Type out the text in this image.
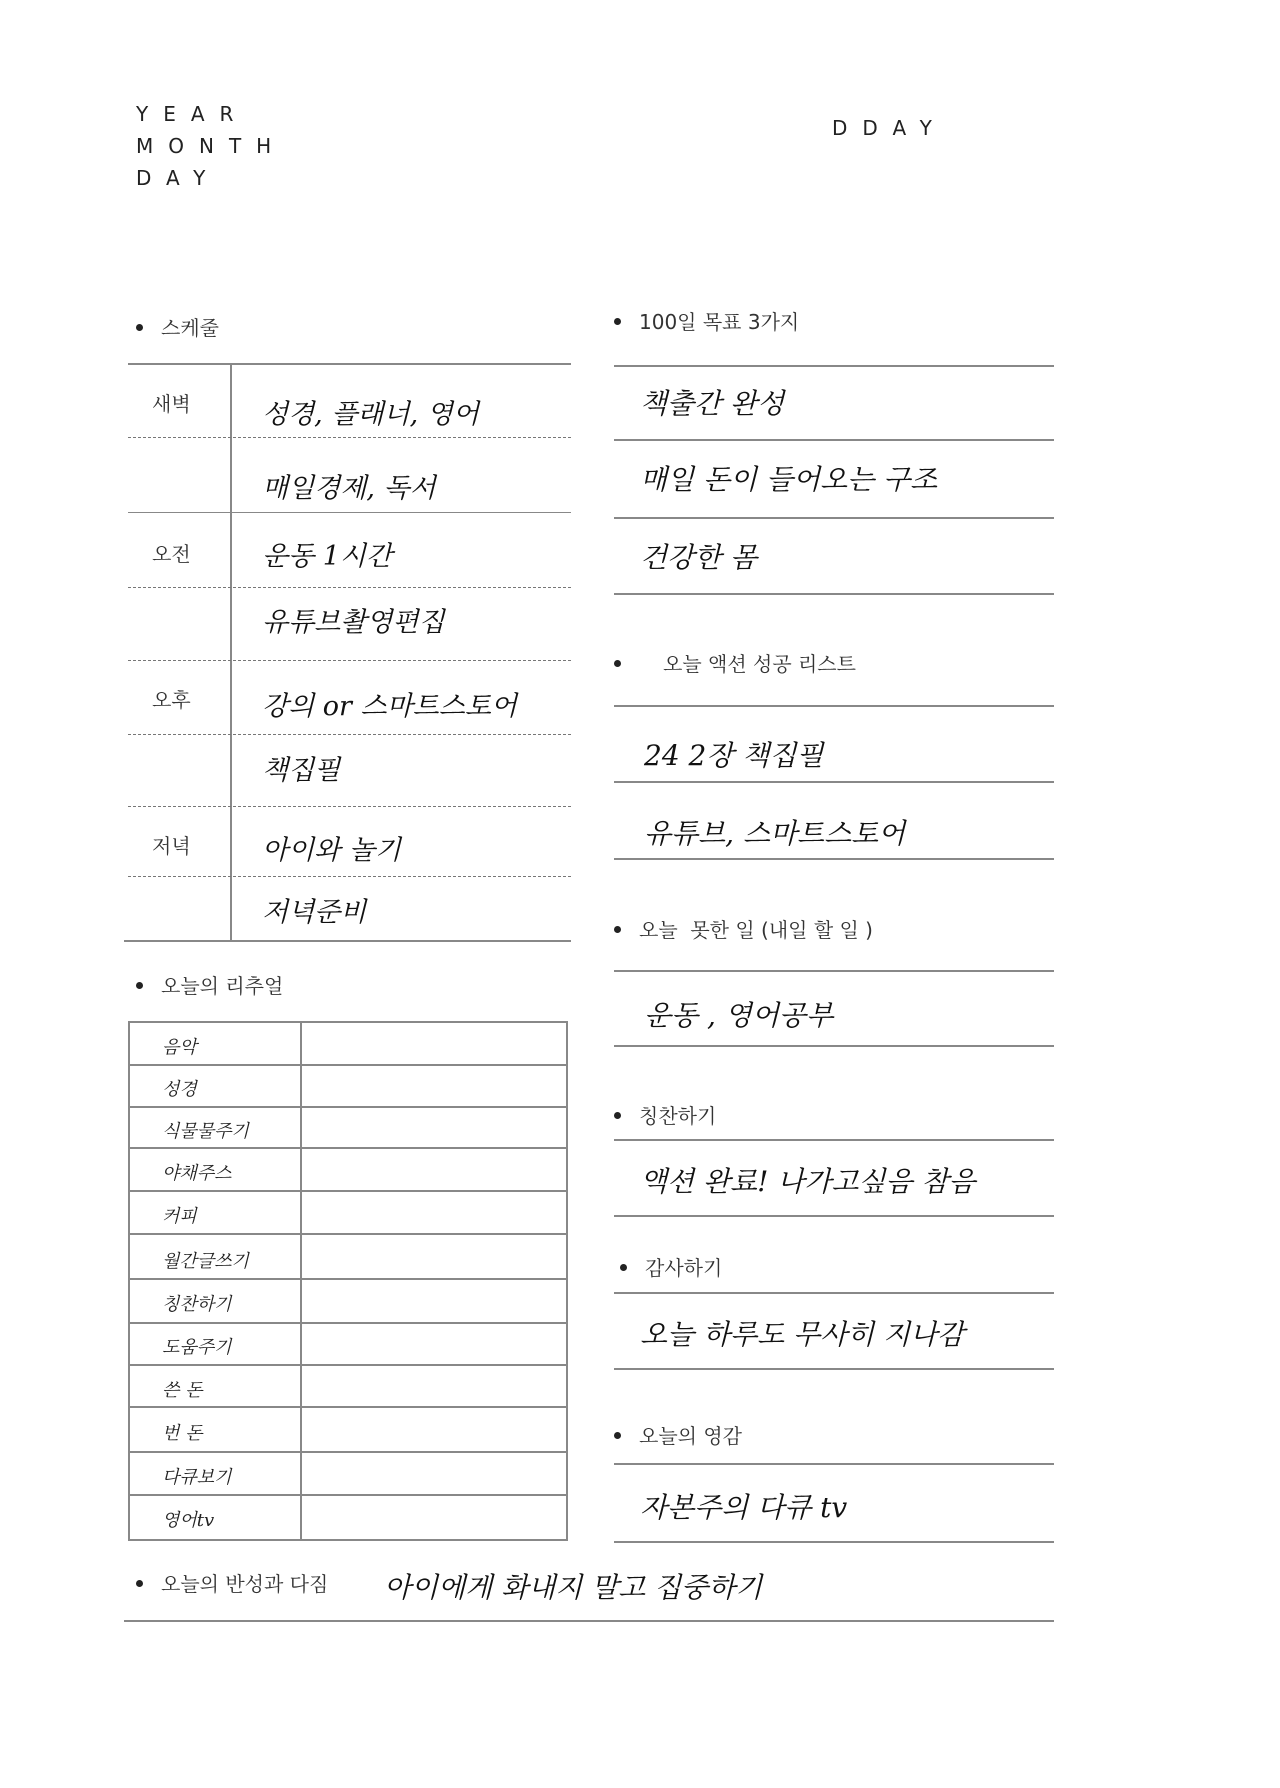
YEAR
MONTH
DAY
DDAY
스케줄
새벽	성경, 플래너, 영어
매일경제, 독서
오전	운동 1시간
유튜브촬영편집
오후	강의 or 스마트스토어
책집필
저녁	아이와 놀기
저녁준비
100일 목표 3가지
책출간 완성
매일 돈이 들어오는 구조
건강한 몸
오늘 액션 성공 리스트
24 2장 책집필
유튜브, 스마트스토어
오늘  못한 일 (내일 할 일 )
운동 , 영어공부
오늘의 리추얼
음악
성경
식물물주기
야채주스
커피
월간글쓰기
칭찬하기
도움주기
쓴 돈
번 돈
다큐보기
영어tv
칭찬하기
액션 완료! 나가고싶음 참음
감사하기
오늘 하루도 무사히 지나감
오늘의 영감
자본주의 다큐 tv
오늘의 반성과 다짐 아이에게 화내지 말고 집중하기
